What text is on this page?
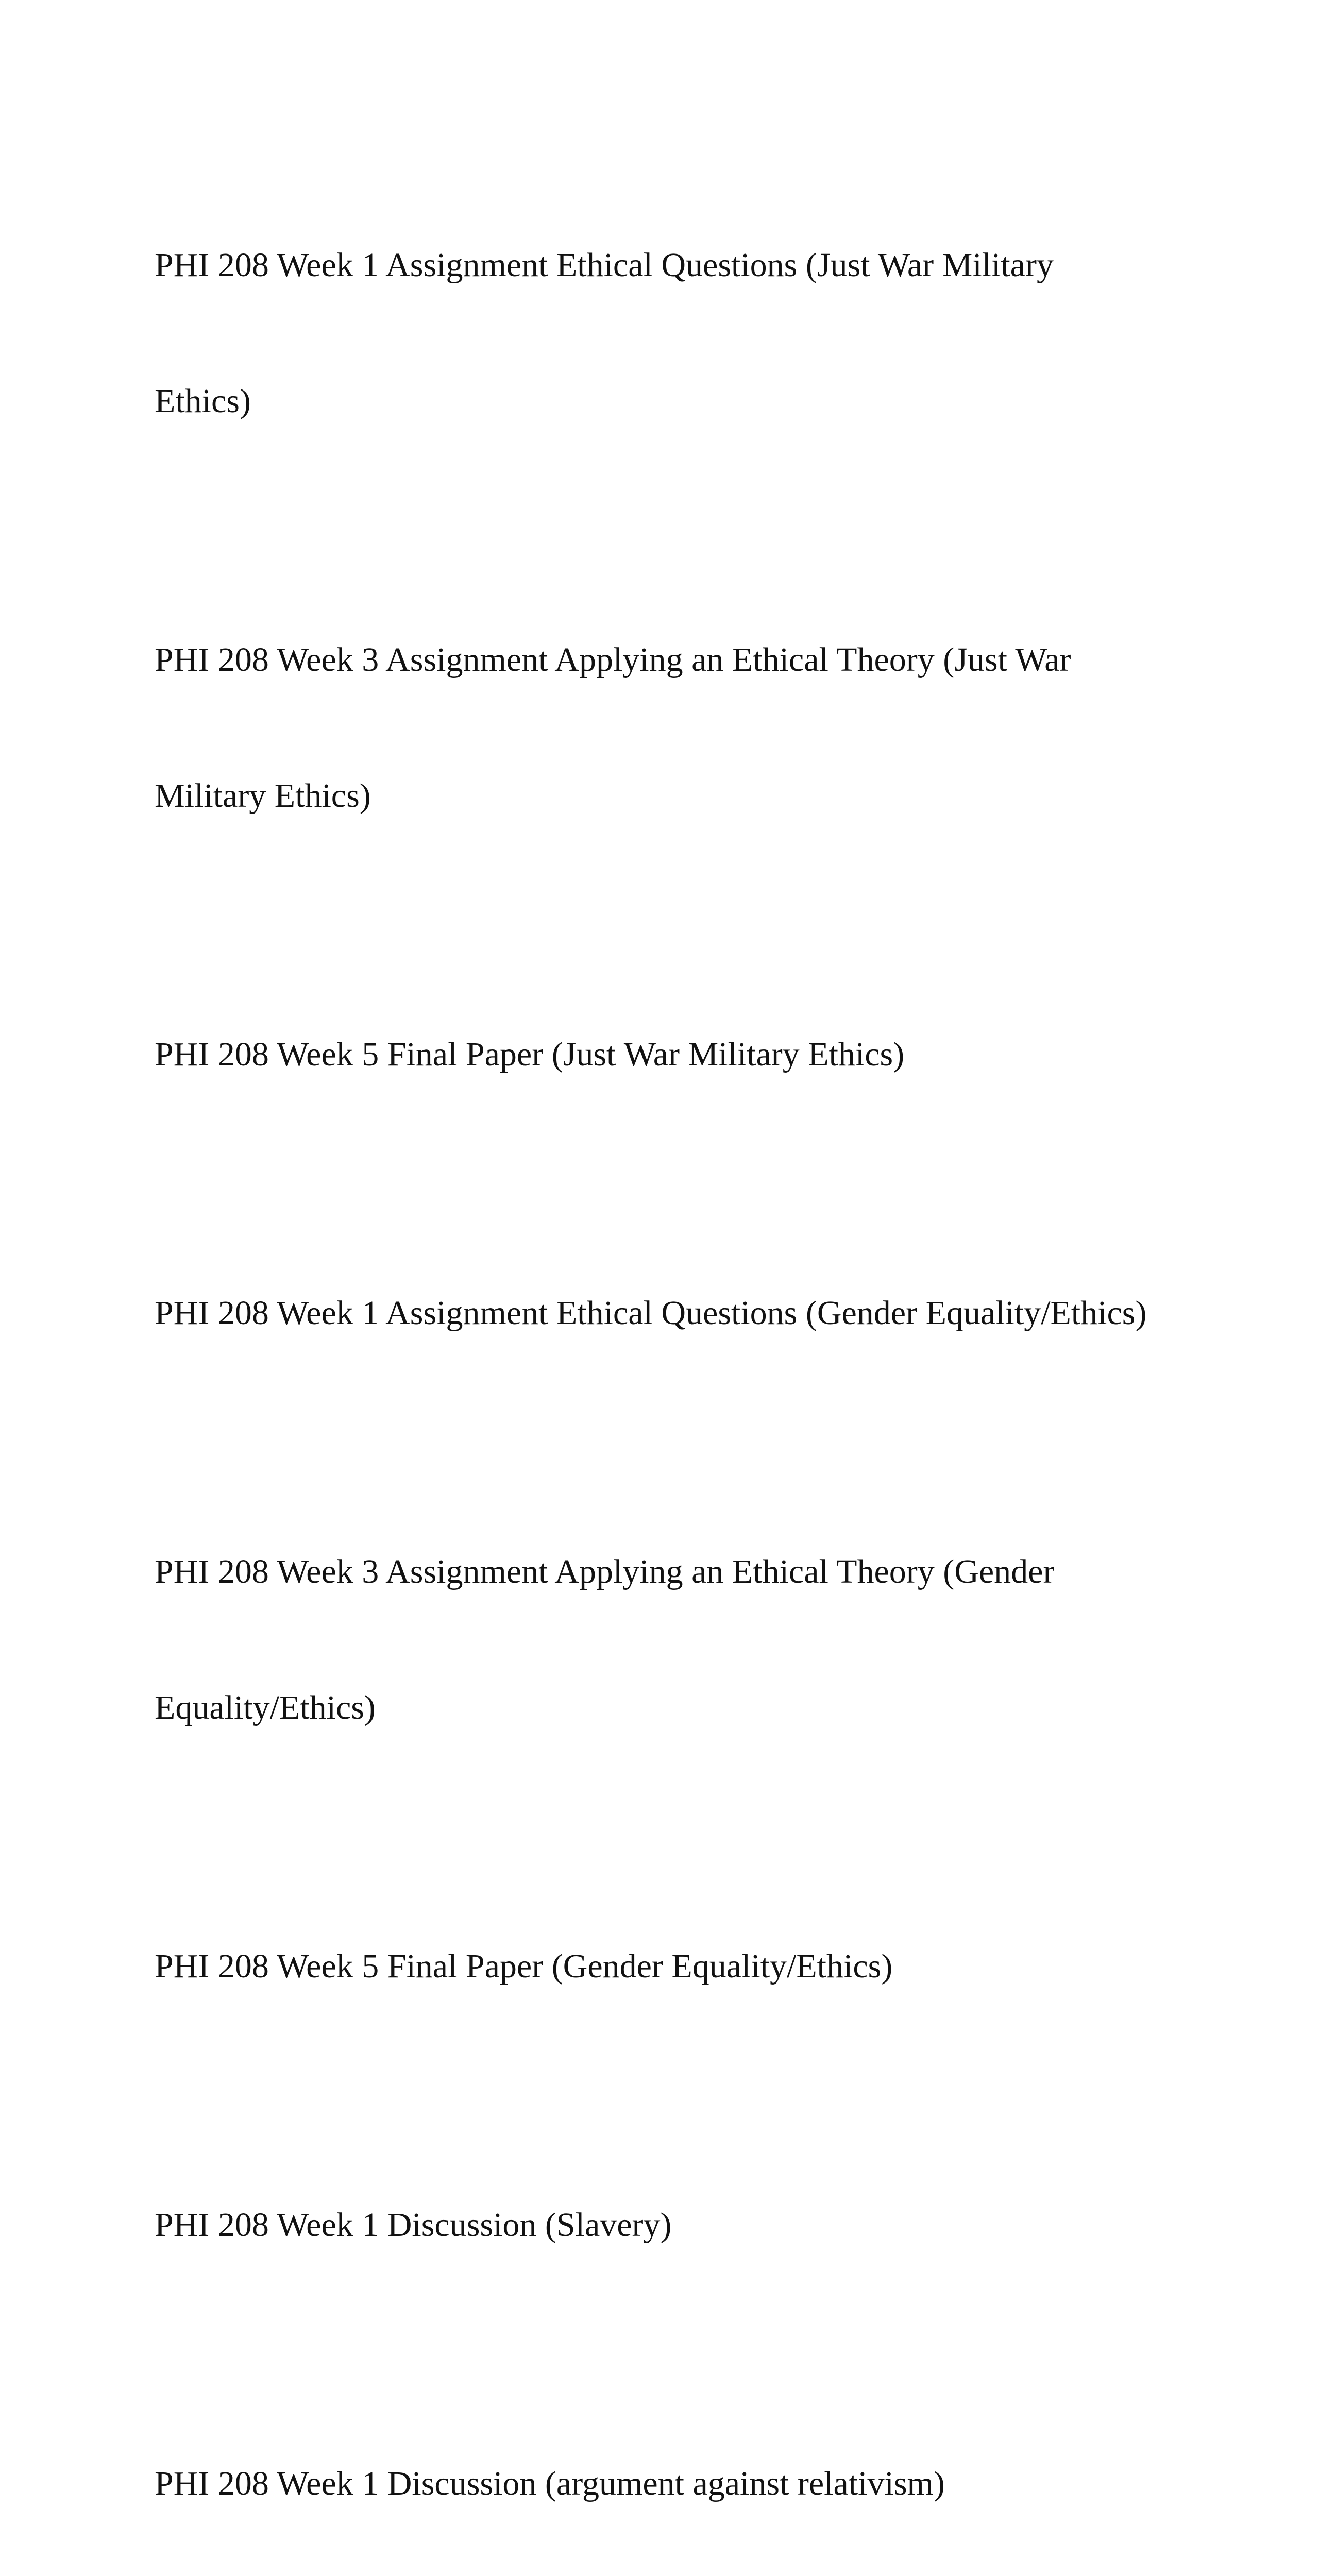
PHI 208 Week 1 Assignment Ethical Questions (Just War Military

Ethics)

PHI 208 Week 3 Assignment Applying an Ethical Theory (Just War

Military Ethics)

PHI 208 Week 5 Final Paper (Just War Military Ethics)

PHI 208 Week 1 Assignment Ethical Questions (Gender Equality/Ethics)

PHI 208 Week 3 Assignment Applying an Ethical Theory (Gender

Equality/Ethics)

PHI 208 Week 5 Final Paper (Gender Equality/Ethics)

PHI 208 Week 1 Discussion (Slavery)

PHI 208 Week 1 Discussion (argument against relativism)
